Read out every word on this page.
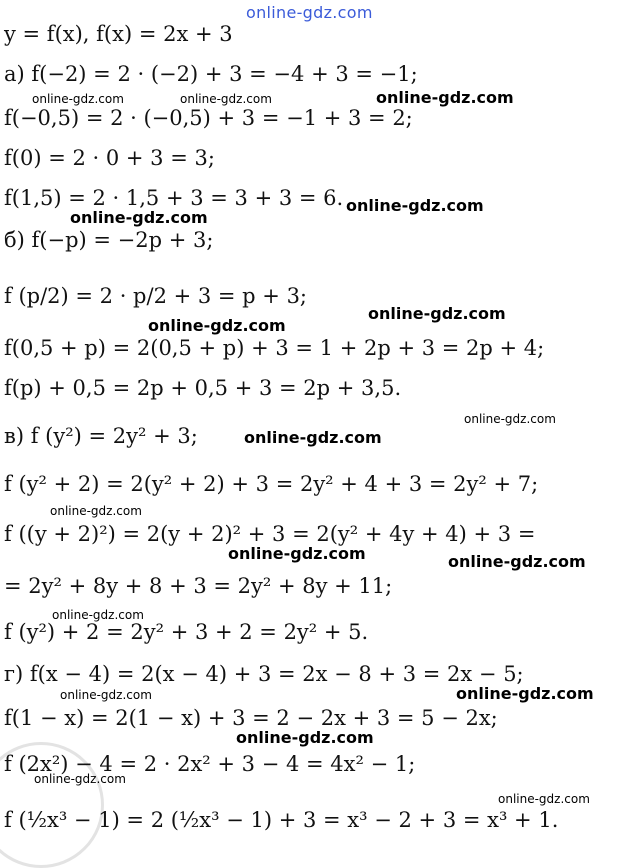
online-gdz.com
y = f(x), f(x) = 2x + 3
а) f(−2) = 2 · (−2) + 3 = −4 + 3 = −1;
f(−0,5) = 2 · (−0,5) + 3 = −1 + 3 = 2;
f(0) = 2 · 0 + 3 = 3;
f(1,5) = 2 · 1,5 + 3 = 3 + 3 = 6.
б) f(−p) = −2p + 3;
f (p/2) = 2 · p/2 + 3 = p + 3;
f(0,5 + p) = 2(0,5 + p) + 3 = 1 + 2p + 3 = 2p + 4;
f(p) + 0,5 = 2p + 0,5 + 3 = 2p + 3,5.
в) f (y²) = 2y² + 3;
f (y² + 2) = 2(y² + 2) + 3 = 2y² + 4 + 3 = 2y² + 7;
f ((y + 2)²) = 2(y + 2)² + 3 = 2(y² + 4y + 4) + 3 =
= 2y² + 8y + 8 + 3 = 2y² + 8y + 11;
f (y²) + 2 = 2y² + 3 + 2 = 2y² + 5.
г) f(x − 4) = 2(x − 4) + 3 = 2x − 8 + 3 = 2x − 5;
f(1 − x) = 2(1 − x) + 3 = 2 − 2x + 3 = 5 − 2x;
f (2x²) − 4 = 2 · 2x² + 3 − 4 = 4x² − 1;
f (½x³ − 1) = 2 (½x³ − 1) + 3 = x³ − 2 + 3 = x³ + 1.
online-gdz.com	online-gdz.com	online-gdz.com
online-gdz.com
online-gdz.com
online-gdz.com
online-gdz.com
online-gdz.com
online-gdz.com
online-gdz.com
online-gdz.com	online-gdz.com
online-gdz.com
online-gdz.com	online-gdz.com
online-gdz.com
online-gdz.com
online-gdz.com
